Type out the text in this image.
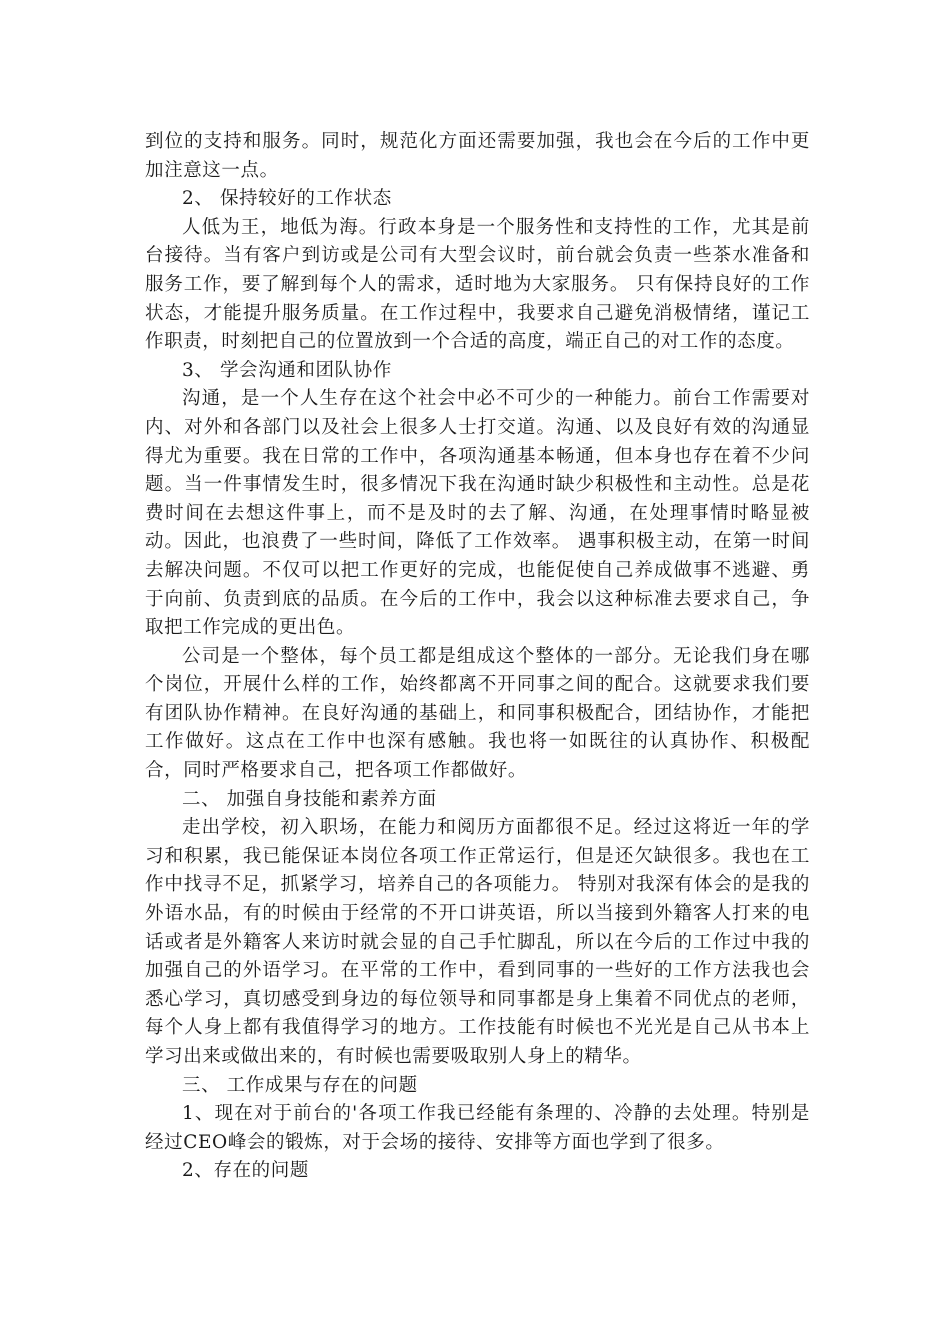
到位的支持和服务。同时，规范化方面还需要加强，我也会在今后的工作中更加注意这一点。

2、 保持较好的工作状态

人低为王，地低为海。行政本身是一个服务性和支持性的工作，尤其是前台接待。当有客户到访或是公司有大型会议时，前台就会负责一些茶水准备和服务工作，要了解到每个人的需求，适时地为大家服务。 只有保持良好的工作状态，才能提升服务质量。在工作过程中，我要求自己避免消极情绪，谨记工作职责，时刻把自己的位置放到一个合适的高度，端正自己的对工作的态度。

3、 学会沟通和团队协作

沟通，是一个人生存在这个社会中必不可少的一种能力。前台工作需要对内、对外和各部门以及社会上很多人士打交道。沟通、以及良好有效的沟通显得尤为重要。我在日常的工作中，各项沟通基本畅通，但本身也存在着不少问题。当一件事情发生时，很多情况下我在沟通时缺少积极性和主动性。总是花费时间在去想这件事上，而不是及时的去了解、沟通，在处理事情时略显被动。因此，也浪费了一些时间，降低了工作效率。 遇事积极主动，在第一时间去解决问题。不仅可以把工作更好的完成，也能促使自己养成做事不逃避、勇于向前、负责到底的品质。在今后的工作中，我会以这种标准去要求自己，争取把工作完成的更出色。

公司是一个整体，每个员工都是组成这个整体的一部分。无论我们身在哪个岗位，开展什么样的工作，始终都离不开同事之间的配合。这就要求我们要有团队协作精神。在良好沟通的基础上，和同事积极配合，团结协作，才能把工作做好。这点在工作中也深有感触。我也将一如既往的认真协作、积极配合，同时严格要求自己，把各项工作都做好。

二、 加强自身技能和素养方面

走出学校，初入职场，在能力和阅历方面都很不足。经过这将近一年的学习和积累，我已能保证本岗位各项工作正常运行，但是还欠缺很多。我也在工作中找寻不足，抓紧学习，培养自己的各项能力。 特别对我深有体会的是我的外语水品，有的时候由于经常的不开口讲英语，所以当接到外籍客人打来的电话或者是外籍客人来访时就会显的自己手忙脚乱，所以在今后的工作过中我的加强自己的外语学习。在平常的工作中，看到同事的一些好的工作方法我也会悉心学习，真切感受到身边的每位领导和同事都是身上集着不同优点的老师，每个人身上都有我值得学习的地方。工作技能有时候也不光光是自己从书本上学习出来或做出来的，有时候也需要吸取别人身上的精华。

三、 工作成果与存在的问题

1、现在对于前台的'各项工作我已经能有条理的、冷静的去处理。特别是经过CEO峰会的锻炼，对于会场的接待、安排等方面也学到了很多。

2、存在的问题
